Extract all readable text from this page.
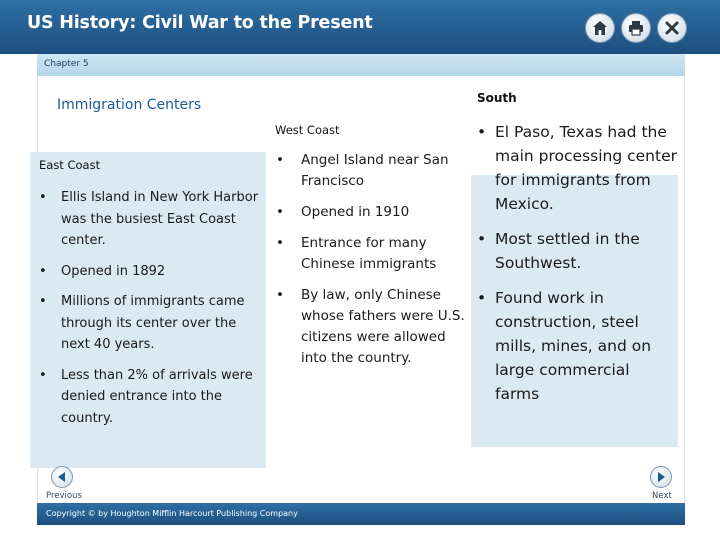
US History: Civil War to the Present
Chapter 5
Immigration Centers
East Coast
• Ellis Island in New York Harbor was the busiest East Coast center.
• Opened in 1892
• Millions of immigrants came through its center over the next 40 years.
• Less than 2% of arrivals were denied entrance into the country.
West Coast
• Angel Island near San Francisco
• Opened in 1910
• Entrance for many Chinese immigrants
• By law, only Chinese whose fathers were U.S. citizens were allowed into the country.
South
• El Paso, Texas had the main processing center for immigrants from Mexico.
• Most settled in the Southwest.
• Found work in construction, steel mills, mines, and on large commercial farms
Previous	Next
Copyright © by Houghton Mifflin Harcourt Publishing Company
